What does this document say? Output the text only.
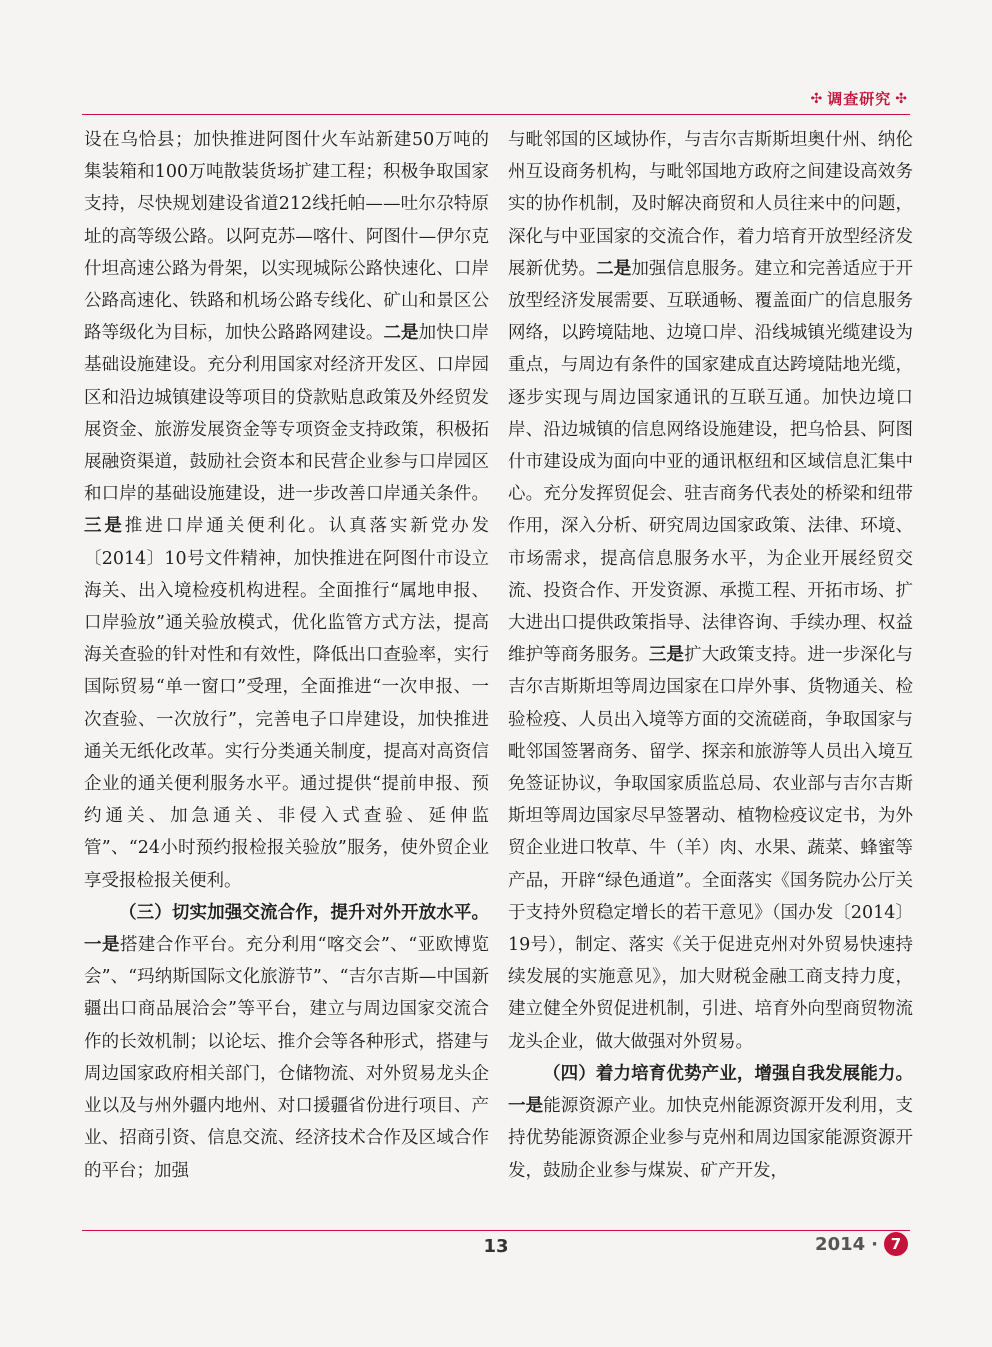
✣ 调查研究 ✣

设在乌恰县；加快推进阿图什火车站新建50万吨的集装箱和100万吨散装货场扩建工程；积极争取国家支持，尽快规划建设省道212线托帕——吐尔尕特原址的高等级公路。以阿克苏—喀什、阿图什—伊尔克什坦高速公路为骨架，以实现城际公路快速化、口岸公路高速化、铁路和机场公路专线化、矿山和景区公路等级化为目标，加快公路路网建设。二是加快口岸基础设施建设。充分利用国家对经济开发区、口岸园区和沿边城镇建设等项目的贷款贴息政策及外经贸发展资金、旅游发展资金等专项资金支持政策，积极拓展融资渠道，鼓励社会资本和民营企业参与口岸园区和口岸的基础设施建设，进一步改善口岸通关条件。三是推进口岸通关便利化。认真落实新党办发〔2014〕10号文件精神，加快推进在阿图什市设立海关、出入境检疫机构进程。全面推行“属地申报、口岸验放”通关验放模式，优化监管方式方法，提高海关查验的针对性和有效性，降低出口查验率，实行国际贸易“单一窗口”受理，全面推进“一次申报、一次查验、一次放行”，完善电子口岸建设，加快推进通关无纸化改革。实行分类通关制度，提高对高资信企业的通关便利服务水平。通过提供“提前申报、预约通关、加急通关、非侵入式查验、延伸监管”、“24小时预约报检报关验放”服务，使外贸企业享受报检报关便利。

（三）切实加强交流合作，提升对外开放水平。一是搭建合作平台。充分利用“喀交会”、“亚欧博览会”、“玛纳斯国际文化旅游节”、“吉尔吉斯—中国新疆出口商品展洽会”等平台，建立与周边国家交流合作的长效机制；以论坛、推介会等各种形式，搭建与周边国家政府相关部门，仓储物流、对外贸易龙头企业以及与州外疆内地州、对口援疆省份进行项目、产业、招商引资、信息交流、经济技术合作及区域合作的平台；加强

与毗邻国的区域协作，与吉尔吉斯斯坦奥什州、纳伦州互设商务机构，与毗邻国地方政府之间建设高效务实的协作机制，及时解决商贸和人员往来中的问题，深化与中亚国家的交流合作，着力培育开放型经济发展新优势。二是加强信息服务。建立和完善适应于开放型经济发展需要、互联通畅、覆盖面广的信息服务网络，以跨境陆地、边境口岸、沿线城镇光缆建设为重点，与周边有条件的国家建成直达跨境陆地光缆，逐步实现与周边国家通讯的互联互通。加快边境口岸、沿边城镇的信息网络设施建设，把乌恰县、阿图什市建设成为面向中亚的通讯枢纽和区域信息汇集中心。充分发挥贸促会、驻吉商务代表处的桥梁和纽带作用，深入分析、研究周边国家政策、法律、环境、市场需求，提高信息服务水平，为企业开展经贸交流、投资合作、开发资源、承揽工程、开拓市场、扩大进出口提供政策指导、法律咨询、手续办理、权益维护等商务服务。三是扩大政策支持。进一步深化与吉尔吉斯斯坦等周边国家在口岸外事、货物通关、检验检疫、人员出入境等方面的交流磋商，争取国家与毗邻国签署商务、留学、探亲和旅游等人员出入境互免签证协议，争取国家质监总局、农业部与吉尔吉斯斯坦等周边国家尽早签署动、植物检疫议定书，为外贸企业进口牧草、牛（羊）肉、水果、蔬菜、蜂蜜等产品，开辟“绿色通道”。全面落实《国务院办公厅关于支持外贸稳定增长的若干意见》（国办发〔2014〕19号），制定、落实《关于促进克州对外贸易快速持续发展的实施意见》，加大财税金融工商支持力度，建立健全外贸促进机制，引进、培育外向型商贸物流龙头企业，做大做强对外贸易。

（四）着力培育优势产业，增强自我发展能力。一是能源资源产业。加快克州能源资源开发利用，支持优势能源资源企业参与克州和周边国家能源资源开发，鼓励企业参与煤炭、矿产开发，

13	2014 · 7
